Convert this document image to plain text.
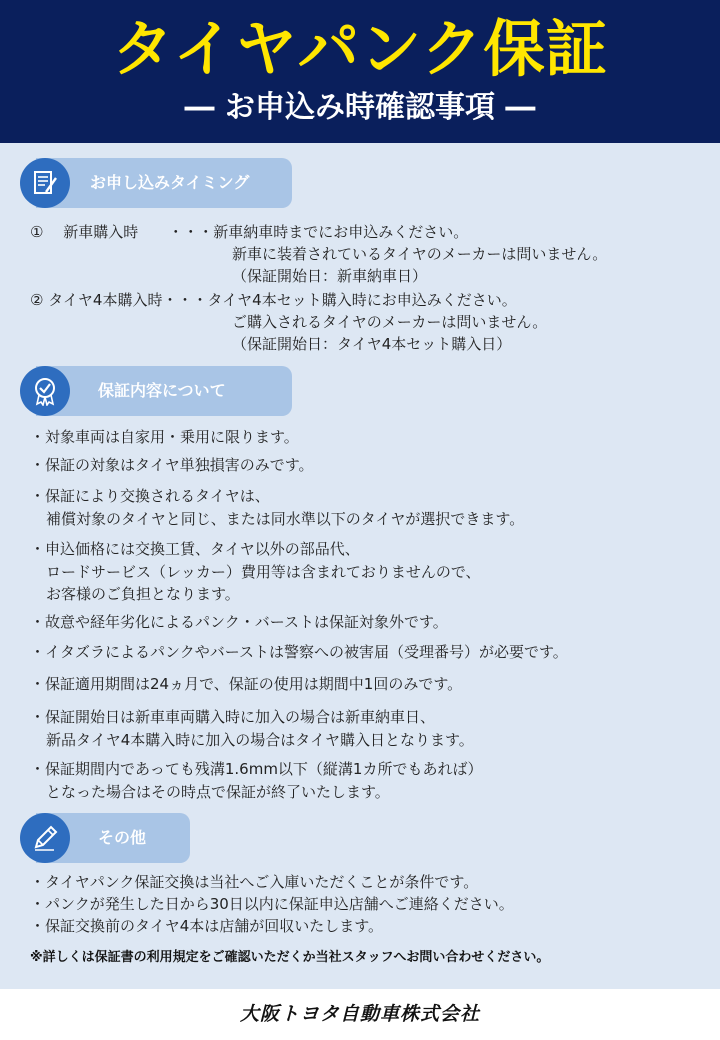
タイヤパンク保証
― お申込み時確認事項 ―
お申し込みタイミング
①　 新車購入時　　・・・新車納車時までにお申込みください。
新車に装着されているタイヤのメーカーは問いません。
（保証開始日：新車納車日）
② タイヤ4本購入時・・・タイヤ4本セット購入時にお申込みください。
ご購入されるタイヤのメーカーは問いません。
（保証開始日：タイヤ4本セット購入日）
保証内容について
・対象車両は自家用・乗用に限ります。
・保証の対象はタイヤ単独損害のみです。
・保証により交換されるタイヤは、
補償対象のタイヤと同じ、または同水準以下のタイヤが選択できます。
・申込価格には交換工賃、タイヤ以外の部品代、
ロードサービス（レッカー）費用等は含まれておりませんので、
お客様のご負担となります。
・故意や経年劣化によるパンク・バーストは保証対象外です。
・イタズラによるパンクやバーストは警察への被害届（受理番号）が必要です。
・保証適用期間は24ヵ月で、保証の使用は期間中1回のみです。
・保証開始日は新車車両購入時に加入の場合は新車納車日、
新品タイヤ4本購入時に加入の場合はタイヤ購入日となります。
・保証期間内であっても残溝1.6mm以下（縦溝1カ所でもあれば）
となった場合はその時点で保証が終了いたします。
その他
・タイヤパンク保証交換は当社へご入庫いただくことが条件です。
・パンクが発生した日から30日以内に保証申込店舗へご連絡ください。
・保証交換前のタイヤ4本は店舗が回収いたします。
※詳しくは保証書の利用規定をご確認いただくか当社スタッフへお問い合わせください。
大阪トヨタ自動車株式会社
